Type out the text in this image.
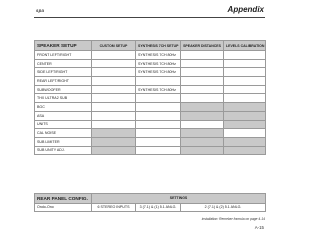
spa	Appendix
SPEAKER SETUP	CUSTOM SETUP	SYNTHESIS 7CH SETUP	SPEAKER DISTANCES	LEVELS CALIBRATION
FRONT LEFT/RIGHT		SYNTHESIS 7CH 80Hz		
CENTER		SYNTHESIS 7CH 80Hz		
SIDE LEFT/RIGHT		SYNTHESIS 7CH 80Hz		
REAR LEFT/RIGHT				
SUBWOOFER		SYNTHESIS 7CH 80Hz		
THX ULTRA2 SUB				
BGC				
ASA				
UNITS				
CAL NOISE				
SUB LIMITER				
SUB UNITY ADJ.				
REAR PANEL CONFIG.	SETTINGS		
Ondo-Ono	6 STEREO INPUTS	3 (7.1) & (1) 5.1 ANLG.	2 (7.1) & (2) 5.1 ANLG.
installation: Remeber formula on page 4-14
A-15
